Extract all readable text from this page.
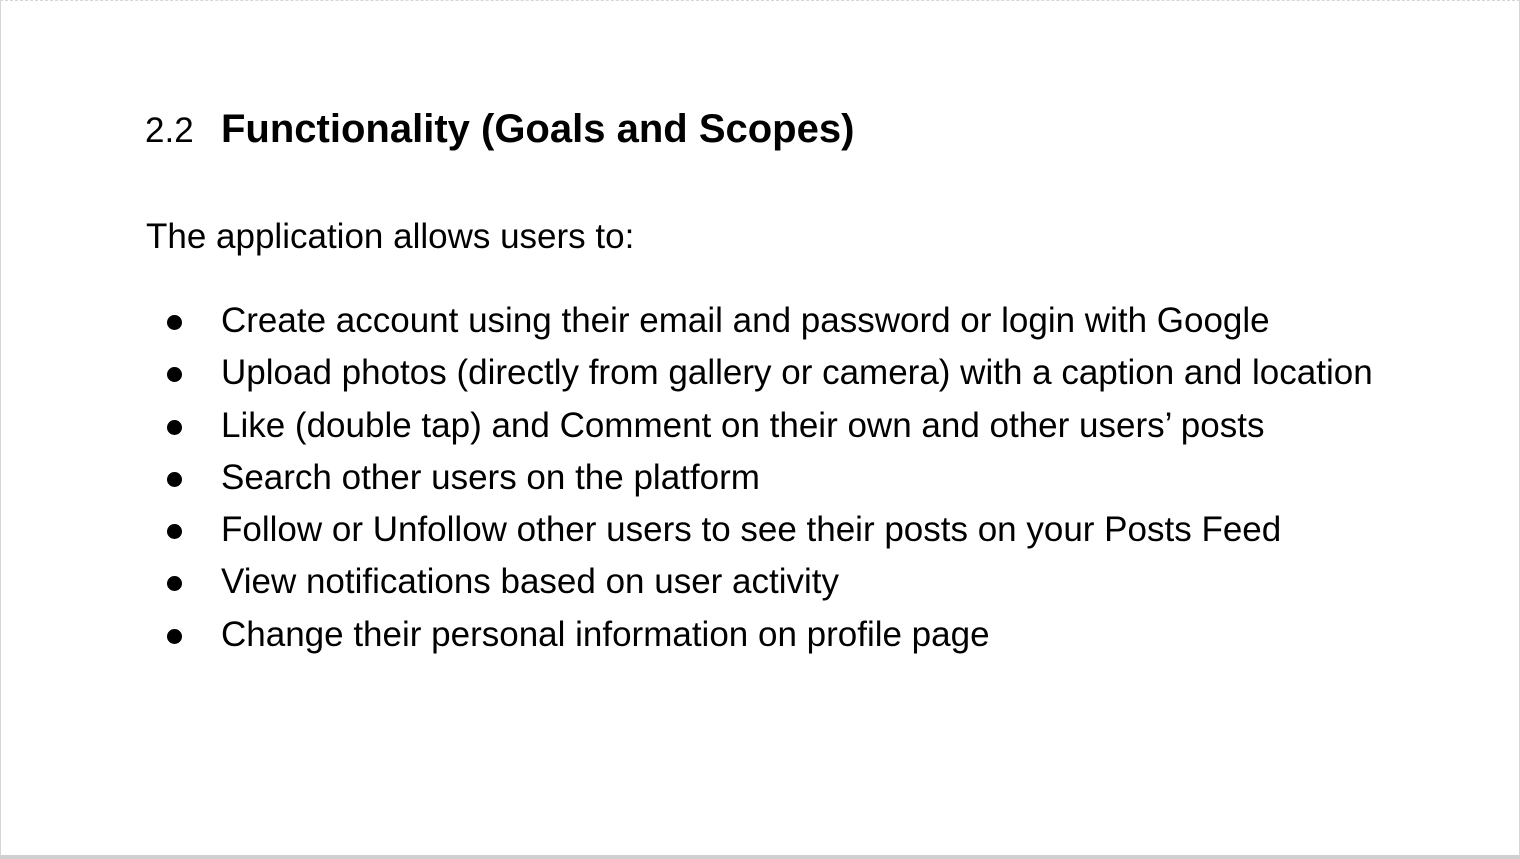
2.2 Functionality (Goals and Scopes)
The application allows users to:
Create account using their email and password or login with Google
Upload photos (directly from gallery or camera) with a caption and location
Like (double tap) and Comment on their own and other users’ posts
Search other users on the platform
Follow or Unfollow other users to see their posts on your Posts Feed
View notifications based on user activity
Change their personal information on profile page
